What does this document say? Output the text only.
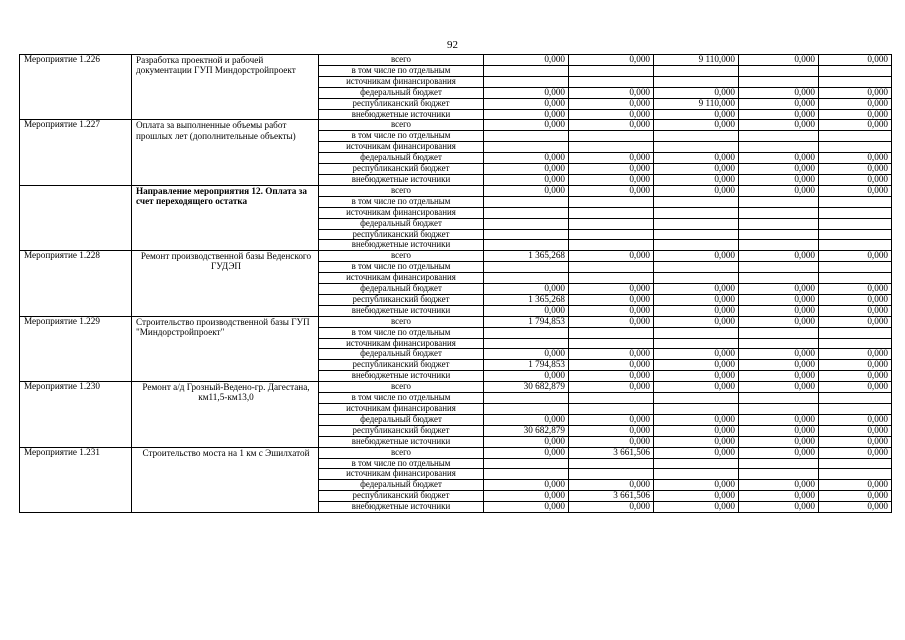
92
Мероприятие 1.226	Разработка проектной и рабочей документации ГУП Миндорстройпроект	всего	0,000	0,000	9 110,000	0,000	0,000
		в том числе по отдельным					
		источникам финансирования					
		федеральный бюджет	0,000	0,000	0,000	0,000	0,000
		республиканский бюджет	0,000	0,000	9 110,000	0,000	0,000
		внебюджетные источники	0,000	0,000	0,000	0,000	0,000
Мероприятие 1.227	Оплата за выполненные объемы работ прошлых лет (дополнительные объекты)	всего	0,000	0,000	0,000	0,000	0,000
		в том числе по отдельным					
		источникам финансирования					
		федеральный бюджет	0,000	0,000	0,000	0,000	0,000
		республиканский бюджет	0,000	0,000	0,000	0,000	0,000
		внебюджетные источники	0,000	0,000	0,000	0,000	0,000
	Направление мероприятия 12. Оплата за счет переходящего остатка	всего	0,000	0,000	0,000	0,000	0,000
		в том числе по отдельным					
		источникам финансирования					
		федеральный бюджет					
		республиканский бюджет					
		внебюджетные источники					
Мероприятие 1.228	Ремонт производственной базы Веденского ГУДЭП	всего	1 365,268	0,000	0,000	0,000	0,000
		в том числе по отдельным					
		источникам финансирования					
		федеральный бюджет	0,000	0,000	0,000	0,000	0,000
		республиканский бюджет	1 365,268	0,000	0,000	0,000	0,000
		внебюджетные источники	0,000	0,000	0,000	0,000	0,000
Мероприятие 1.229	Строительство производственной базы ГУП "Миндорстройпроект"	всего	1 794,853	0,000	0,000	0,000	0,000
		в том числе по отдельным					
		источникам финансирования					
		федеральный бюджет	0,000	0,000	0,000	0,000	0,000
		республиканский бюджет	1 794,853	0,000	0,000	0,000	0,000
		внебюджетные источники	0,000	0,000	0,000	0,000	0,000
Мероприятие 1.230	Ремонт а/д Грозный-Ведено-гр. Дагестана, км11,5-км13,0	всего	30 682,879	0,000	0,000	0,000	0,000
		в том числе по отдельным					
		источникам финансирования					
		федеральный бюджет	0,000	0,000	0,000	0,000	0,000
		республиканский бюджет	30 682,879	0,000	0,000	0,000	0,000
		внебюджетные источники	0,000	0,000	0,000	0,000	0,000
Мероприятие 1.231	Строительство моста на 1 км с Эшилхатой	всего	0,000	3 661,506	0,000	0,000	0,000
		в том числе по отдельным					
		источникам финансирования					
		федеральный бюджет	0,000	0,000	0,000	0,000	0,000
		республиканский бюджет	0,000	3 661,506	0,000	0,000	0,000
		внебюджетные источники	0,000	0,000	0,000	0,000	0,000
